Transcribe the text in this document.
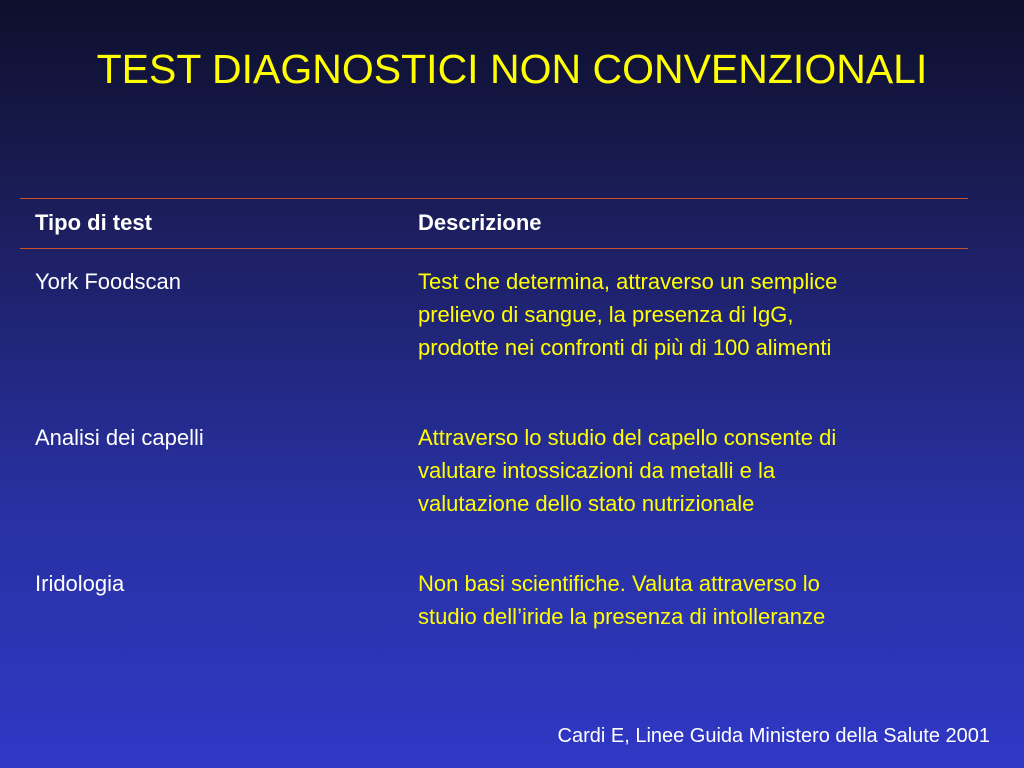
TEST DIAGNOSTICI NON CONVENZIONALI
Tipo di test	Descrizione
York Foodscan	Test che determina, attraverso un semplice
prelievo di sangue, la presenza di IgG,
prodotte nei confronti di più di 100 alimenti
Analisi dei capelli	Attraverso lo studio del capello consente di
valutare intossicazioni da metalli e la
valutazione dello stato nutrizionale
Iridologia	Non basi scientifiche. Valuta attraverso lo
studio dell’iride la presenza di intolleranze
Cardi E, Linee Guida Ministero della Salute 2001
